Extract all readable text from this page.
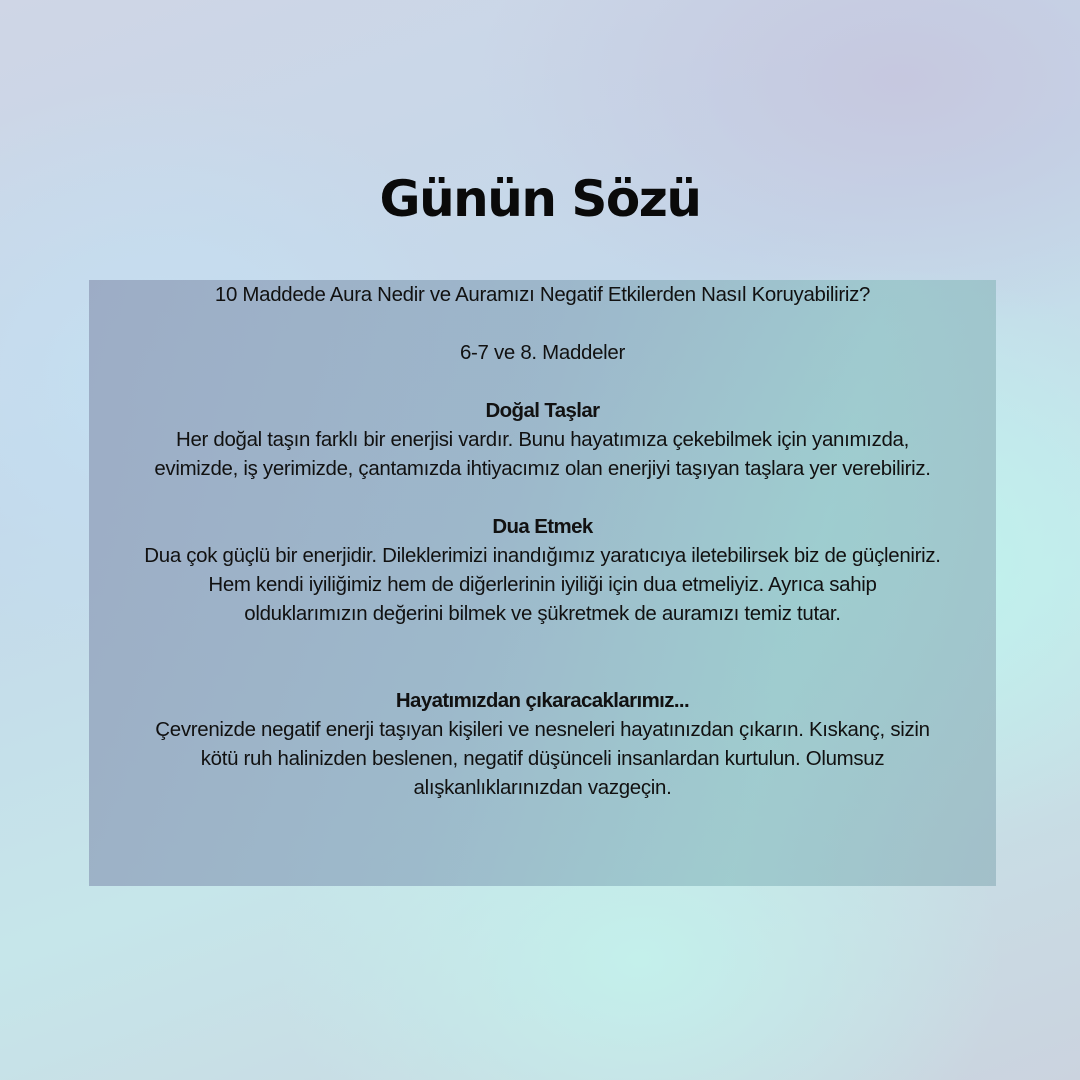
Günün Sözü
10 Maddede Aura Nedir ve Auramızı Negatif Etkilerden Nasıl Koruyabiliriz?
6-7 ve 8. Maddeler
Doğal Taşlar
Her doğal taşın farklı bir enerjisi vardır. Bunu hayatımıza çekebilmek için yanımızda,
evimizde, iş yerimizde, çantamızda ihtiyacımız olan enerjiyi taşıyan taşlara yer verebiliriz.
Dua Etmek
Dua çok güçlü bir enerjidir. Dileklerimizi inandığımız yaratıcıya iletebilirsek biz de güçleniriz.
Hem kendi iyiliğimiz hem de diğerlerinin iyiliği için dua etmeliyiz. Ayrıca sahip
olduklarımızın değerini bilmek ve şükretmek de auramızı temiz tutar.
Hayatımızdan çıkaracaklarımız...
Çevrenizde negatif enerji taşıyan kişileri ve nesneleri hayatınızdan çıkarın. Kıskanç, sizin
kötü ruh halinizden beslenen, negatif düşünceli insanlardan kurtulun. Olumsuz
alışkanlıklarınızdan vazgeçin.
